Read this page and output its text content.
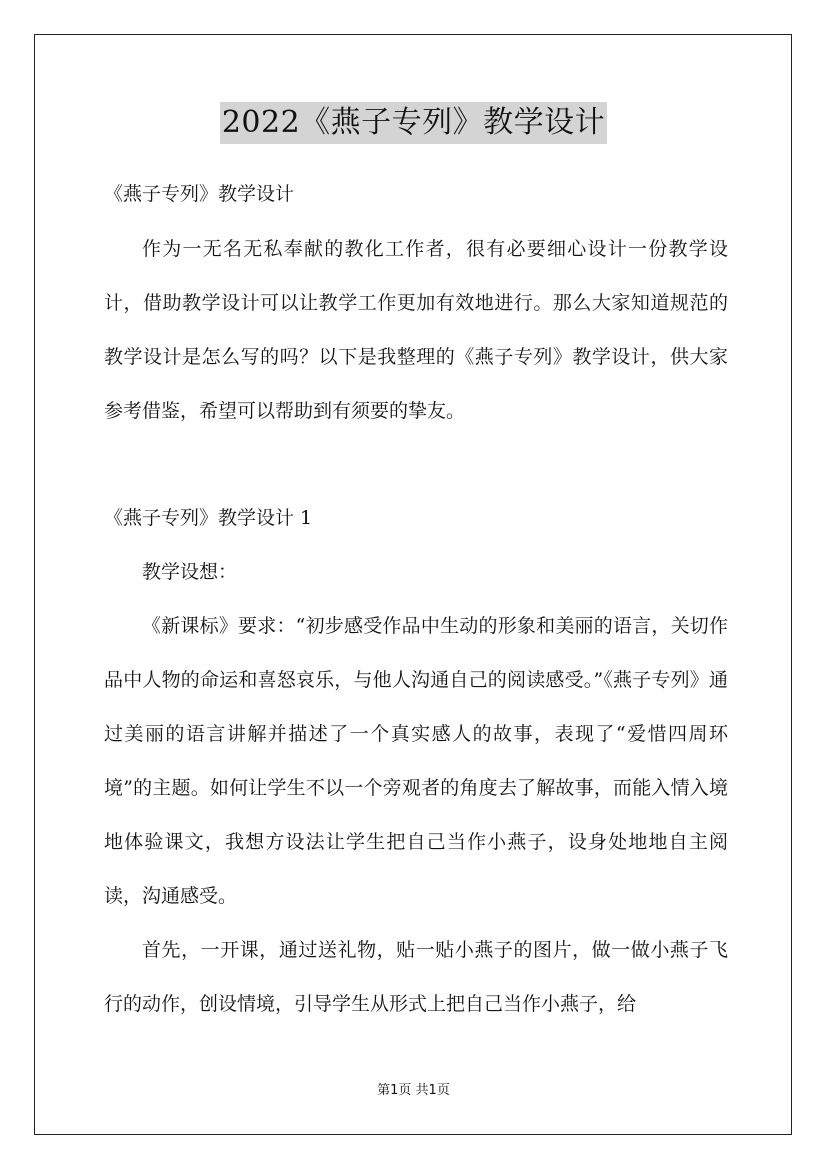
2022《燕子专列》教学设计
《燕子专列》教学设计
作为一无名无私奉献的教化工作者，很有必要细心设计一份教学设计，借助教学设计可以让教学工作更加有效地进行。那么大家知道规范的教学设计是怎么写的吗？以下是我整理的《燕子专列》教学设计，供大家参考借鉴，希望可以帮助到有须要的挚友。
《燕子专列》教学设计 1
教学设想：
《新课标》要求：“初步感受作品中生动的形象和美丽的语言，关切作品中人物的命运和喜怒哀乐，与他人沟通自己的阅读感受。”《燕子专列》通过美丽的语言讲解并描述了一个真实感人的故事，表现了“爱惜四周环境”的主题。如何让学生不以一个旁观者的角度去了解故事，而能入情入境地体验课文，我想方设法让学生把自己当作小燕子，设身处地地自主阅读，沟通感受。
首先，一开课，通过送礼物，贴一贴小燕子的图片，做一做小燕子飞行的动作，创设情境，引导学生从形式上把自己当作小燕子，给
第1页 共1页
